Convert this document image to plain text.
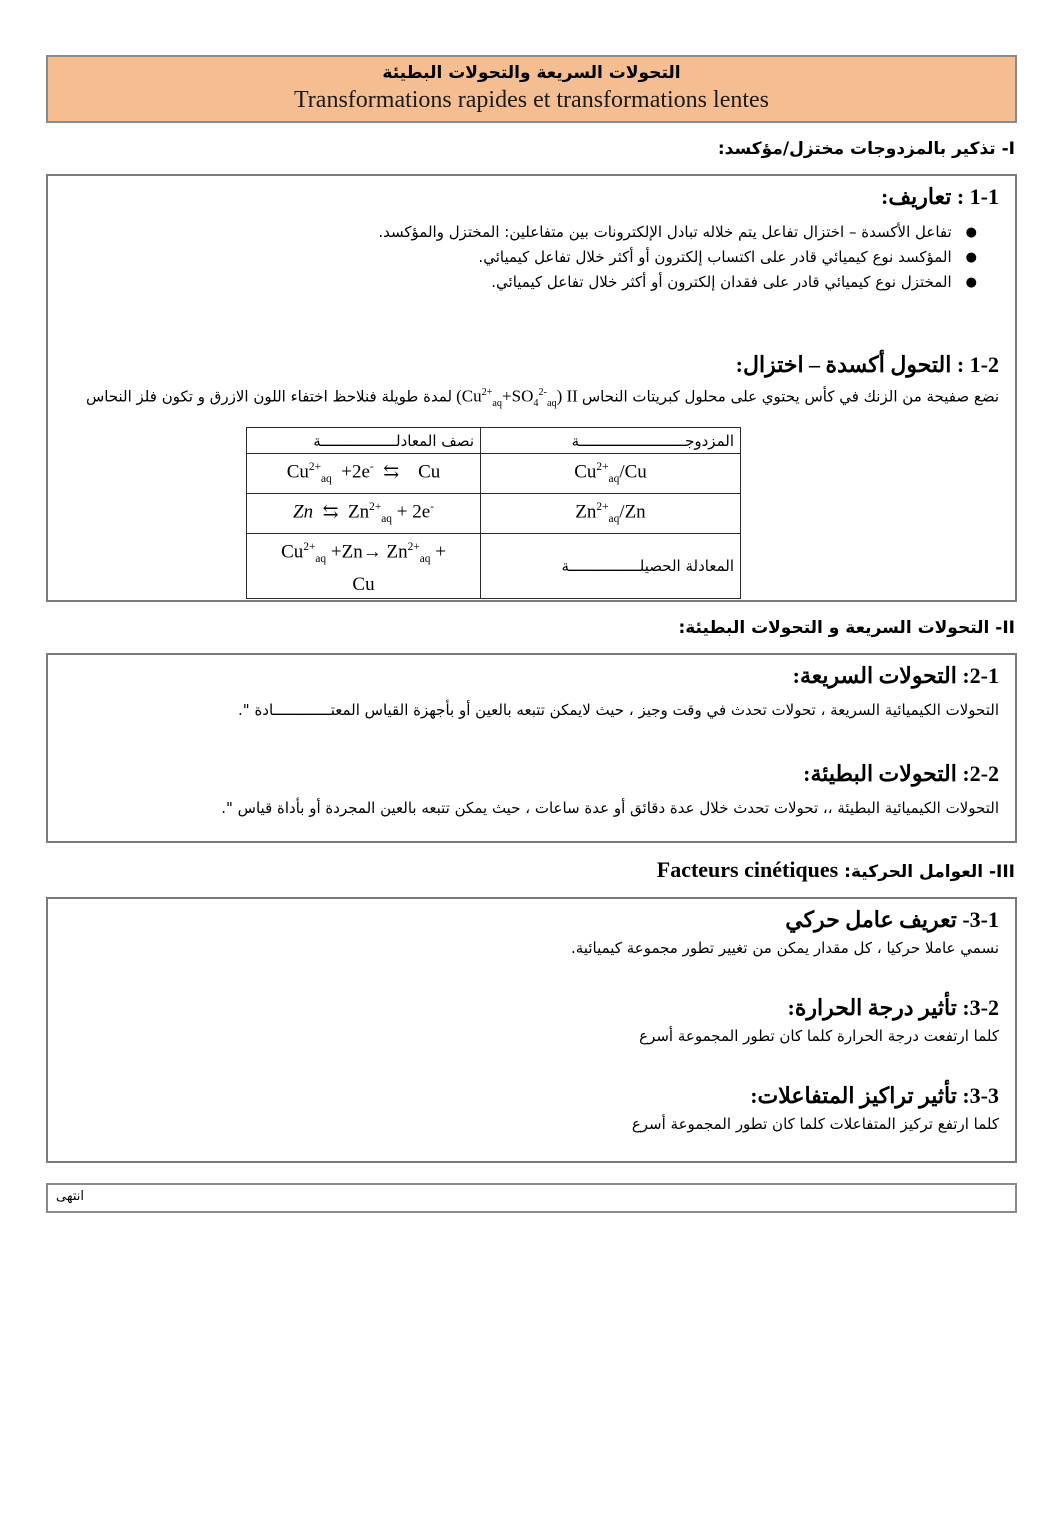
التحولات السريعة والتحولات البطيئة
Transformations rapides et transformations lentes
I- تذكير بالمزدوجات مختزل/مؤكسد:
1-1 : تعاريف:
●تفاعل الأكسدة – اختزال تفاعل يتم خلاله تبادل الإلكترونات بين متفاعلين: المختزل والمؤكسد.
●المؤكسد نوع كيميائي قادر على اكتساب إلكترون أو أكثر خلال تفاعل كيميائي.
●المختزل نوع كيميائي قادر على فقدان إلكترون أو أكثر خلال تفاعل كيميائي.
1-2 : التحول أكسدة – اختزال:

نضع صفيحة من الزنك في كأس يحتوي على محلول كبريتات $النحاس(Cu^{2+}_{aq}+SO_4^{2-}_{aq})$ IIلمدة طويلة فنلاحظ اختفاء اللون الازرق و تكون فلز النحاس

المزدوجــــــــــــــــــــــــة	نصف المعادلـــــــــــــــــة
$Cu^{2+}_{aq}/Cu$	$Cu^{2+}_{aq} +2e^-$  ⇆    Cu
$Zn^{2+}_{aq}/Zn$	Zn  ⇆  $Zn^{2+}_{aq} + 2e^-$
المعادلة الحصيلــــــــــــــــة	$Cu^{2+}_{aq} +Zn\to Zn^{2+}_{aq}$ +
Cu
II- التحولات السريعة و التحولات البطيئة:
2-1: التحولات السريعة:

التحولات الكيميائية السريعة ، تحولات تحدث في وقت وجيز ، حيث لايمكن تتبعه بالعين أو بأجهزة القياس المعتـــــــــــــادة ".

2-2: التحولات البطيئة:

التحولات الكيميائية البطيئة ،، تحولات تحدث خلال عدة دقائق أو عدة ساعات ، حيث يمكن تتبعه بالعين المجردة أو بأداة قياس ".

III- العوامل الحركية: Facteurs cinétiques
3-1- تعريف عامل حركي

نسمي عاملا حركيا ، كل مقدار يمكن من تغيير تطور مجموعة كيميائية.

3-2: تأثير درجة الحرارة:

كلما ارتفعت درجة الحرارة كلما كان تطور المجموعة أسرع

3-3: تأثير تراكيز المتفاعلات:

كلما ارتفع تركيز المتفاعلات كلما كان تطور المجموعة أسرع

انتهى
